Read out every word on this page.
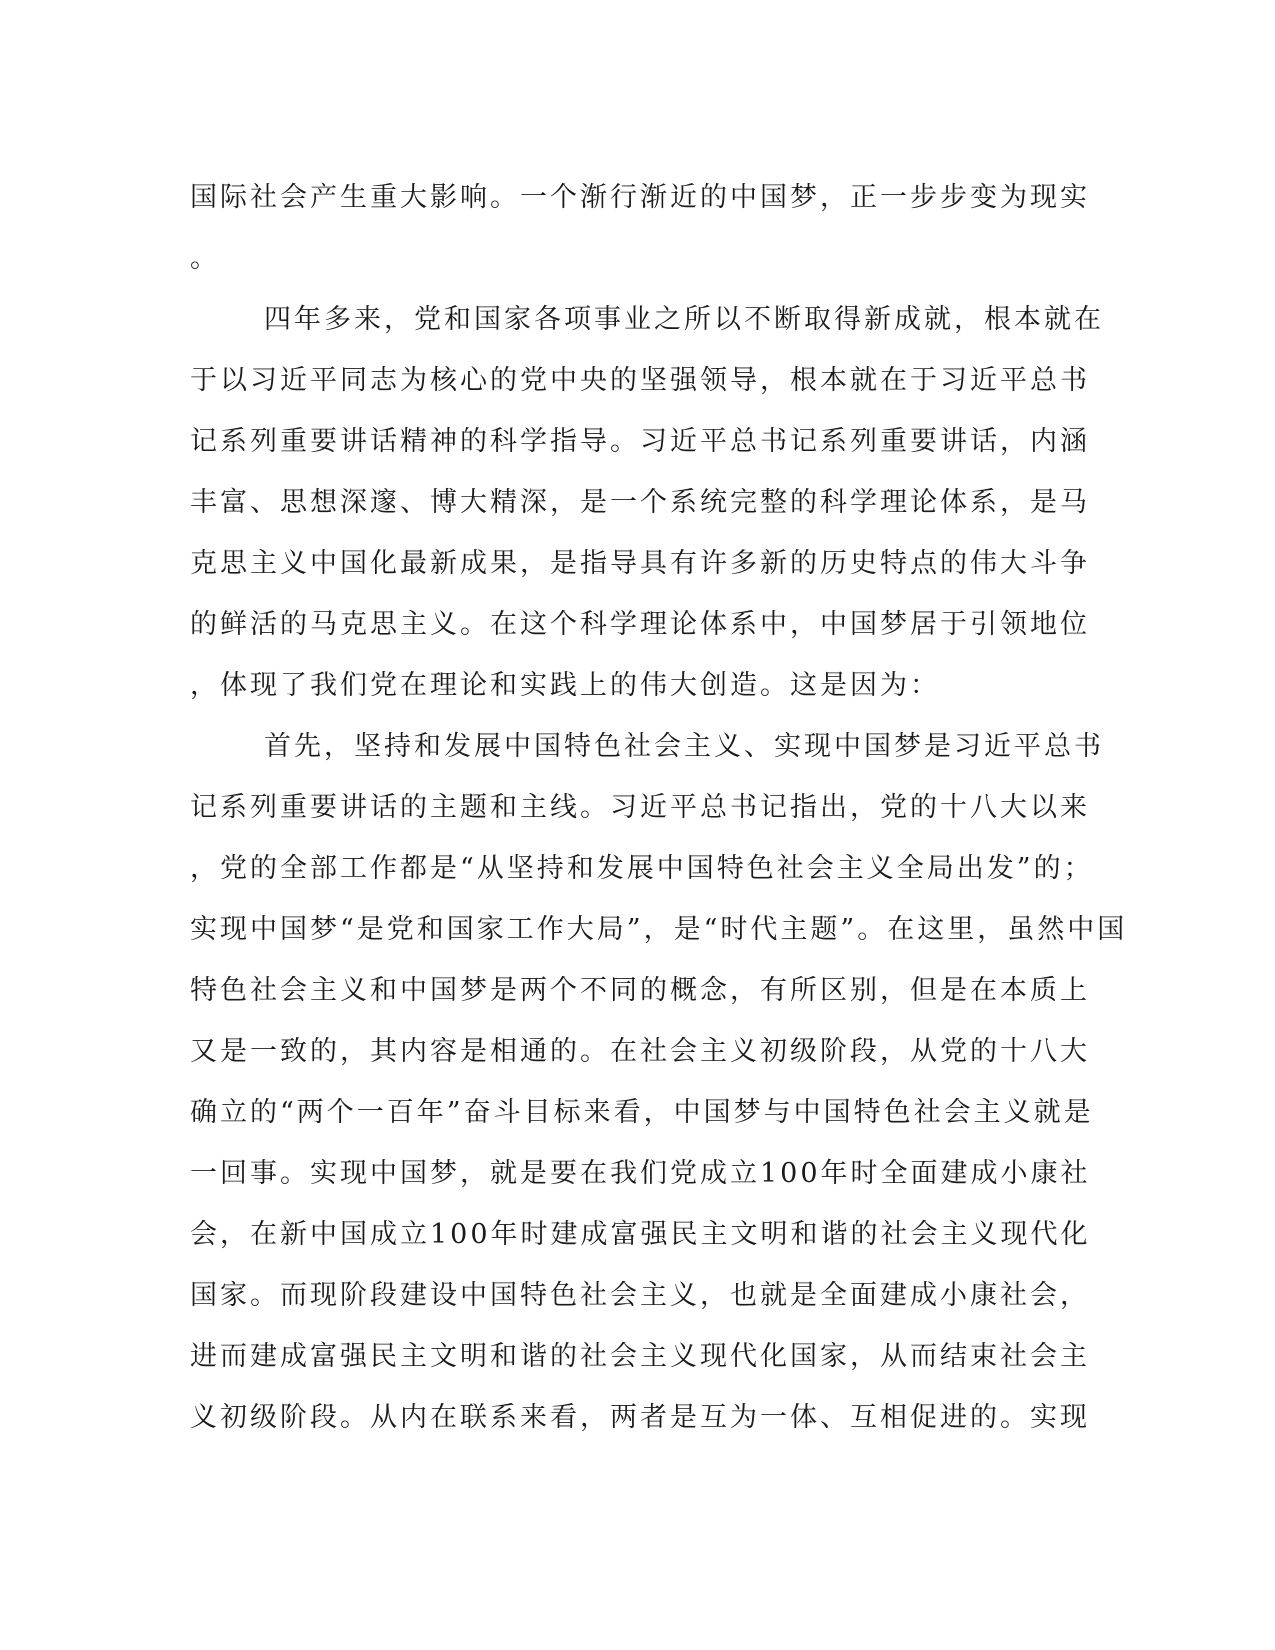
国际社会产生重大影响。一个渐行渐近的中国梦，正一步步变为现实
。
四年多来，党和国家各项事业之所以不断取得新成就，根本就在
于以习近平同志为核心的党中央的坚强领导，根本就在于习近平总书
记系列重要讲话精神的科学指导。习近平总书记系列重要讲话，内涵
丰富、思想深邃、博大精深，是一个系统完整的科学理论体系，是马
克思主义中国化最新成果，是指导具有许多新的历史特点的伟大斗争
的鲜活的马克思主义。在这个科学理论体系中，中国梦居于引领地位
，体现了我们党在理论和实践上的伟大创造。这是因为：
首先，坚持和发展中国特色社会主义、实现中国梦是习近平总书
记系列重要讲话的主题和主线。习近平总书记指出，党的十八大以来
，党的全部工作都是“从坚持和发展中国特色社会主义全局出发”的；
实现中国梦“是党和国家工作大局”，是“时代主题”。在这里，虽然中国
特色社会主义和中国梦是两个不同的概念，有所区别，但是在本质上
又是一致的，其内容是相通的。在社会主义初级阶段，从党的十八大
确立的“两个一百年”奋斗目标来看，中国梦与中国特色社会主义就是
一回事。实现中国梦，就是要在我们党成立100年时全面建成小康社
会，在新中国成立100年时建成富强民主文明和谐的社会主义现代化
国家。而现阶段建设中国特色社会主义，也就是全面建成小康社会，
进而建成富强民主文明和谐的社会主义现代化国家，从而结束社会主
义初级阶段。从内在联系来看，两者是互为一体、互相促进的。实现
